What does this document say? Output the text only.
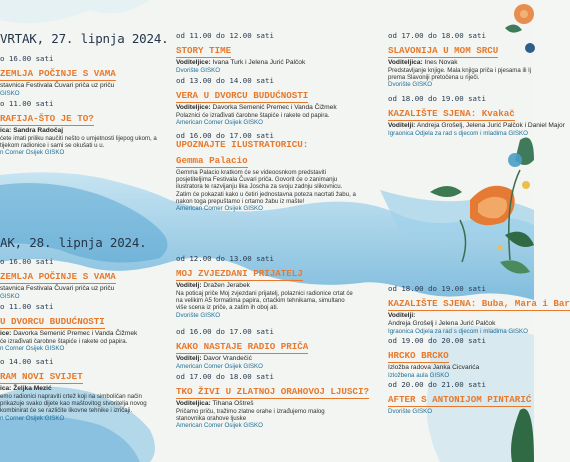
VRTAK, 27. lipnja 2024.
o 16.00 sati
ZEMLJA POČINJE S VAMA
stavnica Festivala Čuvari priča uz priču
GISKO
o 11.00 sati
RAFIJA-ŠTO JE TO?
ica: Sandra Radočaj
ćete imati priliku naučiti nešto o umjetnosti lijepog ukom, a tijekom radionice i sami se okušati u u.
n Corner Osijek GISKO
od 11.00 do 12.00 sati
STORY TIME
Voditeljice: Ivana Turk i Jelena Jurić Palčok
Dvorište GISKO
od 13.00 do 14.00 sati
VERA U DVORCU BUDUĆNOSTI
Voditeljice: Davorka Semenić Premec i Vanda Čižmek
Polaznici će izrađivati čarobne štapiće i rakete od papira.
American Corner Osijek GISKO
od 16.00 do 17.00 sati
UPOZNAJTE ILUSTRATORICU:
Gemma Palacio
Gemma Palacio kratkom će se videoosnkom predstaviti posjetiteljima Festivala Čuvari priča. Govorit će o zanimanju ilustratora te razvijanju lika Joscha za svoju zadnju slikovnicu. Zatim će pokazati kako u četiri jednostavna poteza nacrtati žabu, a nakon toga prepuštamo i crtamo žabu iz mašte!
American Corner Osijek GISKO
od 17.00 do 18.00 sati
SLAVONIJA U MOM SRCU
Voditeljica: Ines Novak
Predstavljanje knjige. Mala knjiga priča i pjesama ili lj prema Slavoniji pretočena u riječi.
Dvorište GISKO
od 18.00 do 19.00 sati
KAZALIŠTE SJENA: Kvakač
Voditelji: Andreja Grošelj, Jelena Jurić Palčok i Daniel Major
Igraonica Odjela za rad s djecom i mladima GISKO
AK, 28. lipnja 2024.
o 16.00 sati
ZEMLJA POČINJE S VAMA
stavnica Festivala Čuvari priča uz priču
GISKO
o 11.00 sati
U DVORCU BUDUĆNOSTI
ice: Davorka Semenić Premec i Vanda Čižmek
će izrađivati čarobne štapiće i rakete od papira.
n Corner Osijek GISKO
o 14.00 sati
RAM NOVI SVIJET
ica: Željka Mezić
emo radionici napraviti crtež koji na simboličan način prikazuje svako dijete kao maštovitog stvoritelja novog kombinirat će se različite likovne tehnike i izričaji.
n Corner Osijek GISKO
od 12.00 do 13.00 sati
MOJ ZVJEZDANI PRIJATELJ
Voditelj: Dražen Jerabek
Na poticaj priče Moj zvjezdani prijatelj, polaznici radionice crtat će na velikim A5 formatima papira, crtaćkim tehnikama, simultano više scena iz priče, a zatim ih oboj ati.
Dvorište GISKO
od 16.00 do 17.00 sati
KAKO NASTAJE RADIO PRIČA
Voditelj: Davor Vrandečić
American Corner Osijek GISKO
od 17.00 do 18.00 sati
TKO ŽIVI U ZLATNOJ ORAHOVOJ LJUSCI?
Voditeljica: Tihana Oštreš
Pričamo priču, tražimo zlatne orahe i izrađujemo malog stanovnika orahove ljuske
American Corner Osijek GISKO
od 18.00 do 19.00 sati
KAZALIŠTE SJENA: Buba, Mara i Bar
Voditelji:
Andreja Grošelj i Jelena Jurić Palčok
Igraonica Odjela za rad s djecom i mladima GISKO
od 19.00 do 20.00 sati
HRCKO BRCKO
Izložba radova Janka Cicvarića
Izložbena aula GISKO
od 20.00 do 21.00 sati
AFTER S ANTONIJOM PINTARIĆ
Dvorište GISKO
